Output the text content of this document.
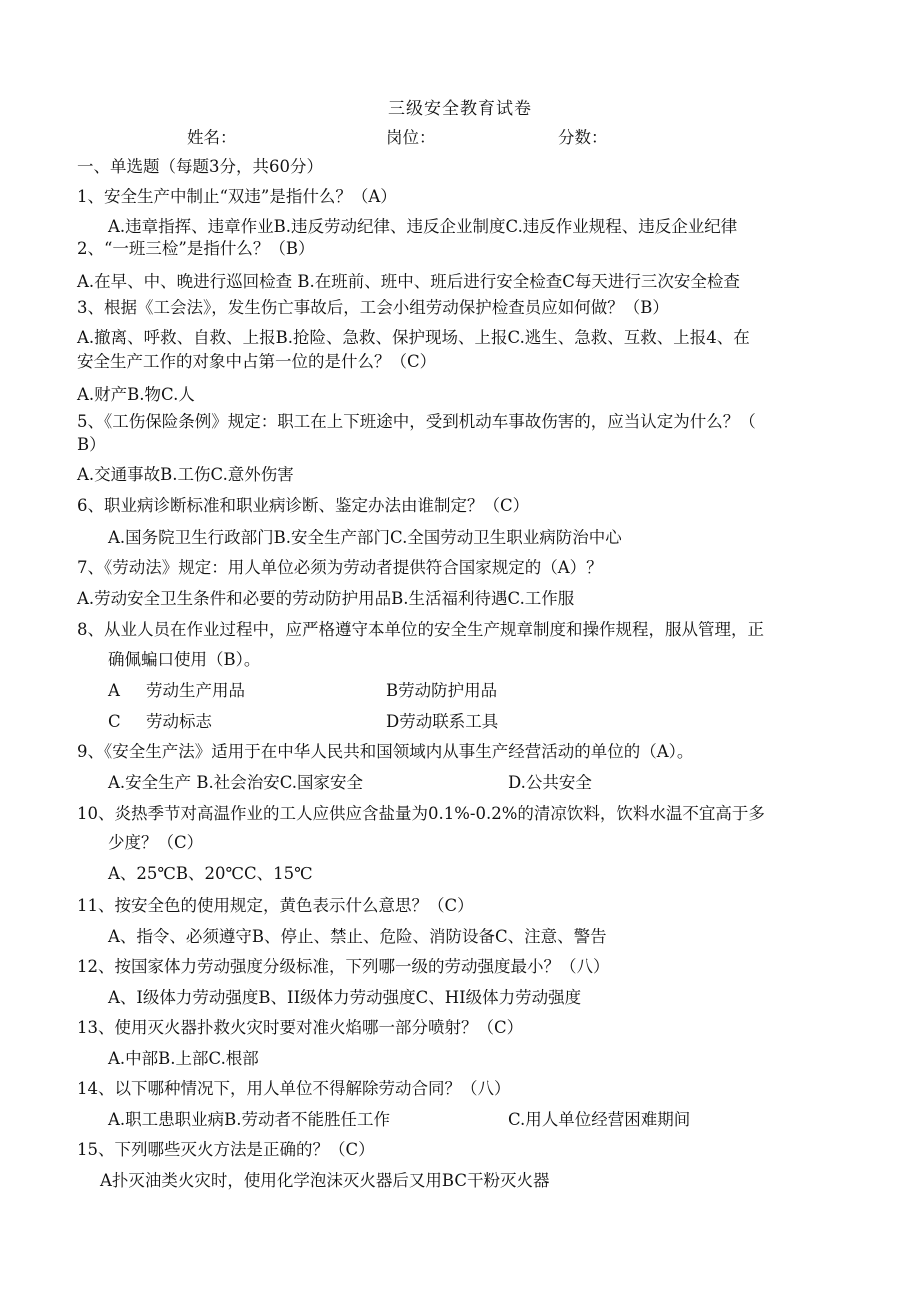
三级安全教育试卷
姓名：	岗位：	分数：
一、单选题（每题3分，共60分）
1、安全生产中制止“双违”是指什么？（A）
A.违章指挥、违章作业B.违反劳动纪律、违反企业制度C.违反作业规程、违反企业纪律
2、“一班三检”是指什么？（B）
A.在早、中、晚进行巡回检查 B.在班前、班中、班后进行安全检查C每天进行三次安全检查
3、根据《工会法》，发生伤亡事故后，工会小组劳动保护检查员应如何做？（B）
A.撤离、呼救、自救、上报B.抢险、急救、保护现场、上报C.逃生、急救、互救、上报4、在
安全生产工作的对象中占第一位的是什么？（C）
A.财产B.物C.人
5、《工伤保险条例》规定：职工在上下班途中，受到机动车事故伤害的，应当认定为什么？（
B）
A.交通事故B.工伤C.意外伤害
6、职业病诊断标准和职业病诊断、鉴定办法由谁制定？（C）
A.国务院卫生行政部门B.安全生产部门C.全国劳动卫生职业病防治中心
7、《劳动法》规定：用人单位必须为劳动者提供符合国家规定的（A）？
A.劳动安全卫生条件和必要的劳动防护用品B.生活福利待遇C.工作服
8、从业人员在作业过程中，应严格遵守本单位的安全生产规章制度和操作规程，服从管理，正
确佩蝙口使用（B）。
A 劳动生产用品	B劳动防护用品
C 劳动标志	D劳动联系工具
9、《安全生产法》适用于在中华人民共和国领域内从事生产经营活动的单位的（A）。
A.安全生产 B.社会治安C.国家安全	D.公共安全
10、炎热季节对高温作业的工人应供应含盐量为0.1%-0.2%的清凉饮料，饮料水温不宜高于多
少度？（C）
A、25℃B、20℃C、15℃
11、按安全色的使用规定，黄色表示什么意思？（C）
A、指令、必须遵守B、停止、禁止、危险、消防设备C、注意、警告
12、按国家体力劳动强度分级标准，下列哪一级的劳动强度最小？（八）
A、I级体力劳动强度B、II级体力劳动强度C、HI级体力劳动强度
13、使用灭火器扑救火灾时要对准火焰哪一部分喷射？（C）
A.中部B.上部C.根部
14、以下哪种情况下，用人单位不得解除劳动合同？（八）
A.职工患职业病B.劳动者不能胜任工作	C.用人单位经营困难期间
15、下列哪些灭火方法是正确的？（C）
A扑灭油类火灾时，使用化学泡沫灭火器后又用BC干粉灭火器
